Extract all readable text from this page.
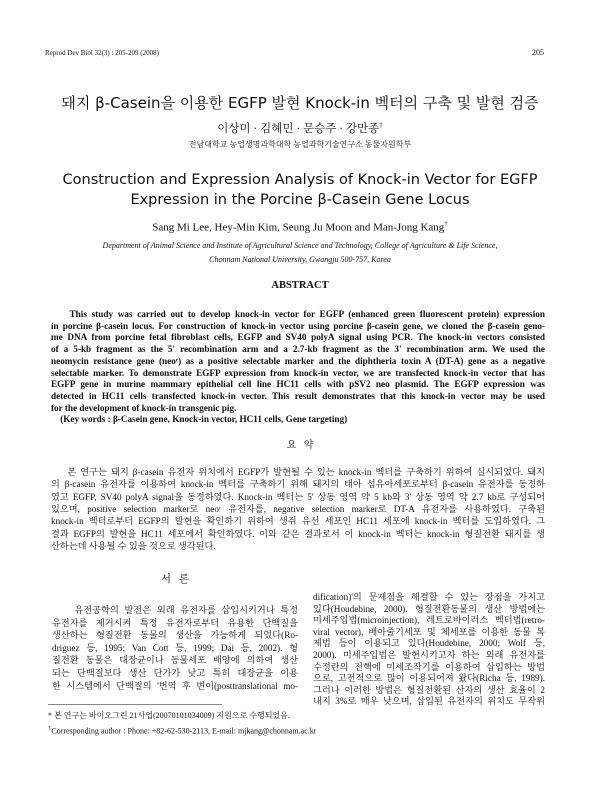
Reprod Dev Biol 32(3) : 205-209 (2008)	205
돼지 β-Casein을 이용한 EGFP 발현 Knock-in 벡터의 구축 및 발현 검증
이상미 · 김혜민 · 문승주 · 강만종†
전남대학교 농업생명과학대학 농업과학기술연구소 동물자원학부
Construction and Expression Analysis of Knock-in Vector for EGFP
Expression in the Porcine β-Casein Gene Locus
Sang Mi Lee, Hey-Min Kim, Seung Ju Moon and Man-Jong Kang†
Department of Animal Science and Institute of Agricultural Science and Technology, College of Agriculture & Life Science,
Chonnam National University, Gwangju 500-757, Korea
ABSTRACT
This study was carried out to develop knock-in vector for EGFP (enhanced green fluorescent protein) expression
in porcine β-casein locus. For construction of knock-in vector using porcine β-casein gene, we cloned the β-casein geno-
me DNA from porcine fetal fibroblast cells, EGFP and SV40 polyA signal using PCR. The knock-in vectors consisted
of a 5-kb fragment as the 5' recombination arm and a 2.7-kb fragment as the 3' recombination arm. We used the
neomycin resistance gene (neoʳ) as a positive selectable marker and the diphtheria toxin A (DT-A) gene as a negative
selectable marker. To demonstrate EGFP expression from knock-in vector, we are transfected knock-in vector that has
EGFP gene in murine mammary epithelial cell line HC11 cells with pSV2 neo plasmid. The EGFP expression was
detected in HC11 cells transfected knock-in vector. This result demonstrates that this knock-in vector may be used
for the development of knock-in transgenic pig.
(Key words : β-Casein gene, Knock-in vector, HC11 cells, Gene targeting)
요   약
본 연구는 돼지 β-casein 유전자 위치에서 EGFP가 발현될 수 있는 knock-in 벡터를 구축하기 위하여 실시되었다. 돼지
의 β-casein 유전자를 이용하여 knock-in 벡터를 구축하기 위해 돼지의 태아 섬유아세포로부터 β-casein 유전자를 동정하
였고 EGFP, SV40 polyA signal을 동정하였다. Knock-in 벡터는 5' 상동 영역 약 5 kb와 3' 상동 영역 약 2.7 kb로 구성되어
있으며, positive selection marker로 neoʳ 유전자를, negative selection marker로 DT-A 유전자를 사용하였다. 구축된
knock-in 벡터로부터 EGFP의 발현을 확인하기 위하여 생쥐 유선 세포인 HC11 세포에 knock-in 벡터를 도입하였다. 그
결과 EGFP의 발현을 HC11 세포에서 확인하였다. 이와 같은 결과로서 이 knock-in 벡터는 knock-in 형질전환 돼지를 생
산하는데 사용될 수 있을 것으로 생각된다.
서   론
유전공학의 발전은 외래 유전자를 삽입시키거나 특정
유전자를 제거시켜 특정 유전자로부터 유용한 단백질을
생산하는 형질전환 동물의 생산을 가능하게 되었다(Ro-
driguez 등, 1995; Van Cott 등, 1999; Dai 등, 2002). 형
질전환 동물은 대장균이나 동물세포 배양에 의하여 생산
되는 단백질보다 생산 단가가 낮고 특히 대장균을 이용
한 시스템에서 단백질의 '번역 후 변이(posttranslational mo-
dification)'의 문제점을 해결할 수 있는 장점을 가지고
있다(Houdebine, 2000). 형질전환동물의 생산 방법에는
미세주입법(microinjection), 레트로바이러스 벡터법(retro-
viral vector), 배아줄기세포 및 체세포를 이용한 동물 복
제법 등이 이용되고 있다(Houdebine, 2000; Wolf 등,
2000). 미세주입법은 발현시키고자 하는 외래 유전자를
수정란의 전핵에 미세조작기를 이용하여 삽입하는 방법
으로, 고전적으로 많이 이용되어져 왔다(Richa 등, 1989).
그러나 이러한 방법은 형질전환된 산자의 생산 효율이 2
내지 3%로 매우 낮으며, 삽입된 유전자의 위치도 무작위
* 본 연구는 바이오그린 21사업(20070101034009) 지원으로 수행되었음.
†Corresponding author : Phone: +82-62-530-2113, E-mail: mjkang@chonnam.ac.kr
